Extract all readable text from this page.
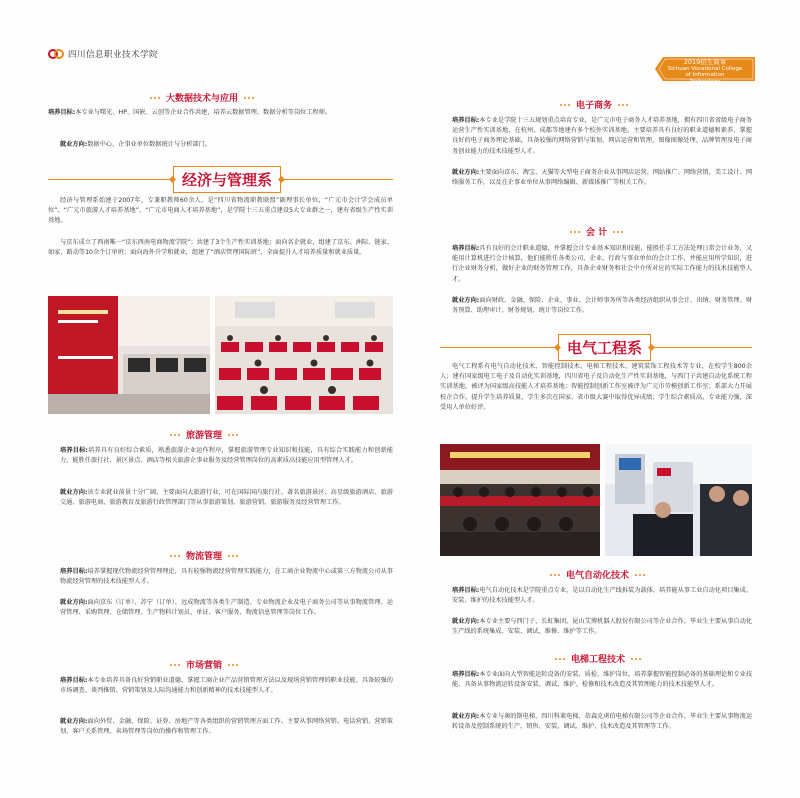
四川信息职业技术学院
2019招生简章
Sichuan Vocational College
of Information
Technology
大数据技术与应用
培养目标:本专业与曙光、HP、国嵌、云创等企业合作共建，培养云数据管理、数据分析等岗位工程师。
就业方向:数据中心、企事业单位数据统计与分析部门。
经济与管理系
经济与管理系始建于2007年，专兼职教师60余人，是“四川省物流职教联盟”副理事长单位，“广元市会计学会成员单位”、“广元市旅游人才培养基地”、“广元市电商人才培养基地”，是学院十三五重点建设5大专业群之一，建有省级生产性实训基地。
与京东成立了西南唯一“京东西南电商物流学院”；共建了3个生产性实训基地；面向名企就业，组建了京东、洲际、链家、如家、路动等10余个订单班；面向海外升学和就业，组建了“酒店管理国际班”，全面提升人才培养质量和就业质量。
旅游管理
培养目标:培养具有良好综合素质，熟悉旅游企业运作程序，掌握旅游管理专业知识和技能，具有综合实践能力和创新能力，能胜任旅行社、景区景点、酒店等相关旅游企事业服务及经营管理岗位的高素质高技能应用型管理人才。
就业方向:该专业就业前景十分广阔，主要面向大旅游行业，可在国际国内旅行社、著名旅游景区、高星级旅游酒店、旅游交通、旅游电商、旅游教育及旅游行政管理部门等从事旅游策划、旅游营销、旅游服务及经营管理工作。
物流管理
培养目标:培养掌握现代物流经营管理理论，具有较强物流经营管理实践能力，在工商企业物流中心或第三方物流公司从事物流经营管理的技术技能型人才。
就业方向:面向京东（订单）、苏宁（订单）、远成物流等各类生产制造、专业物流企业及电子商务公司等从事物流管理、运营管理、采购管理、仓储管理、生产物料计划员、单证、客户服务、物流信息管理等岗位工作。
市场营销
培养目标:本专业培养具备良好营销职业道德、掌握工商企业产品营销管理方法以及现场营销管理的职业技能、具备较强的市场调查、谈判推销、营销策划及人际沟通能力和创新精神的技术技能型人才。
就业方向:面向外贸、金融、保险、证券、房地产等各类组织的营销管理方面工作。主要从事网络营销、电话营销、营销策划、客户关系管理、卖场管理等岗位的操作和管理工作。
电子商务
培养目标:本专业是学院十三五规划重点培育专业，是广元市电子商务人才培养基地，拥有四川省省级电子商务运营生产性实训基地，在杭州、成都等地建有多个校外实训基地。主要培养具有良好的职业道德和素养，掌握良好的电子商务理论基础，具备较强的网络营销与策划、网店运营和管理、图像图像处理、品牌管理及电子商务创业能力的技术技能型人才。
就业方向:主要面向京东、淘宝、天猫等大型电子商务企业从事网店运营、网站推广、网络营销、美工设计、网络服务工作，以及在企事业单位从事网络编辑、新媒体推广等相关工作。
会 计
培养目标:具有良好的会计职业道德，并掌握会计专业基本知识和技能，能胜任手工方法处理日常会计业务，又能用计算机进行会计核算，他们能胜任各类公司、企业、行政与事业单位的会计工作，并能应用所学知识，进行企业财务分析，做好企业的财务管理工作，具备企业财务和社会中介所对应的实际工作能力的技术技能型人才。
就业方向:面向财政、金融、保险、企业、事业、会计师事务所等各类经济组织从事会计、出纳、财务管理、财务预算、助理审计、财务规划、统计等岗位工作。
电气工程系
电气工程系有电气自动化技术、智能控制技术、电梯工程技术、建筑装饰工程技术等专业，在校学生800余人；建有国家级电工电子及自动化实训基地，四川省电子及自动化生产性实训基地，与西门子共建自动化系统工程实训基地，被评为国家级高技能人才培养基地；智能控制创新工作室被评为广元市劳模创新工作室；系部大力开展校企合作，提升学生培养质量，学生多次在国家、省市级大赛中取得优异成绩；学生综合素质高，专业能力强，深受用人单位好评。
电气自动化技术
培养目标:电气自动化技术是学院重点专业，是以自动化生产线拆装为载体，培养能从事工业自动化项目集成、安装、维护的技术技能型人才。
就业方向:本专业主要与西门子、长虹集团、昆山艾博机器人股份有限公司等企业合作，毕业生主要从事自动化生产线的系统集成、安装、调试、维修、维护等工作。
电梯工程技术
培养目标:本专业面向大型智能运转设备的安装、质检、维护岗位，培养掌握智能控制必备的基础理论和专业技能，具备从事物流运转设备安装、调试、维护、检修和技术改造及其管理能力的技术技能型人才。
就业方向:本专业与奥的斯电梯、四川科莱电梯、蒂森克虏伯电梯有限公司等企业合作，毕业生主要从事物流运转设备及控制系统的生产、销售、安装、调试、维护、技术改造及其管理等工作。
